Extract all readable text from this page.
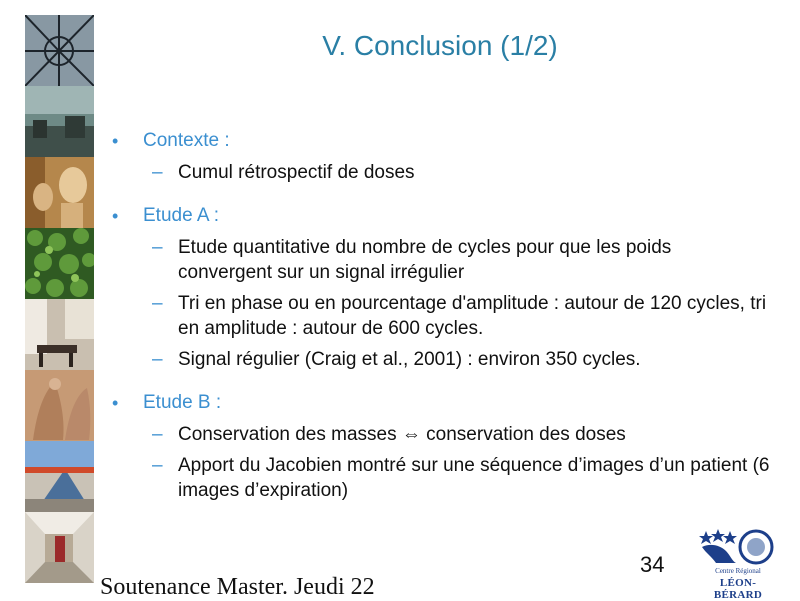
V. Conclusion (1/2)
• Contexte :
– Cumul rétrospectif de doses
• Etude A :
– Etude quantitative du nombre de cycles pour que les poids convergent sur un signal irrégulier
– Tri en phase ou en pourcentage d'amplitude : autour de 120 cycles, tri en amplitude : autour de 600 cycles.
– Signal régulier (Craig et al., 2001) : environ 350 cycles.
• Etude B :
– Conservation des masses ⇔ conservation des doses
– Apport du Jacobien montré sur une séquence d’images d’un patient (6 images d’expiration)
34
Soutenance Master. Jeudi 22
Centre Régional
LÉON-BÉRARD
